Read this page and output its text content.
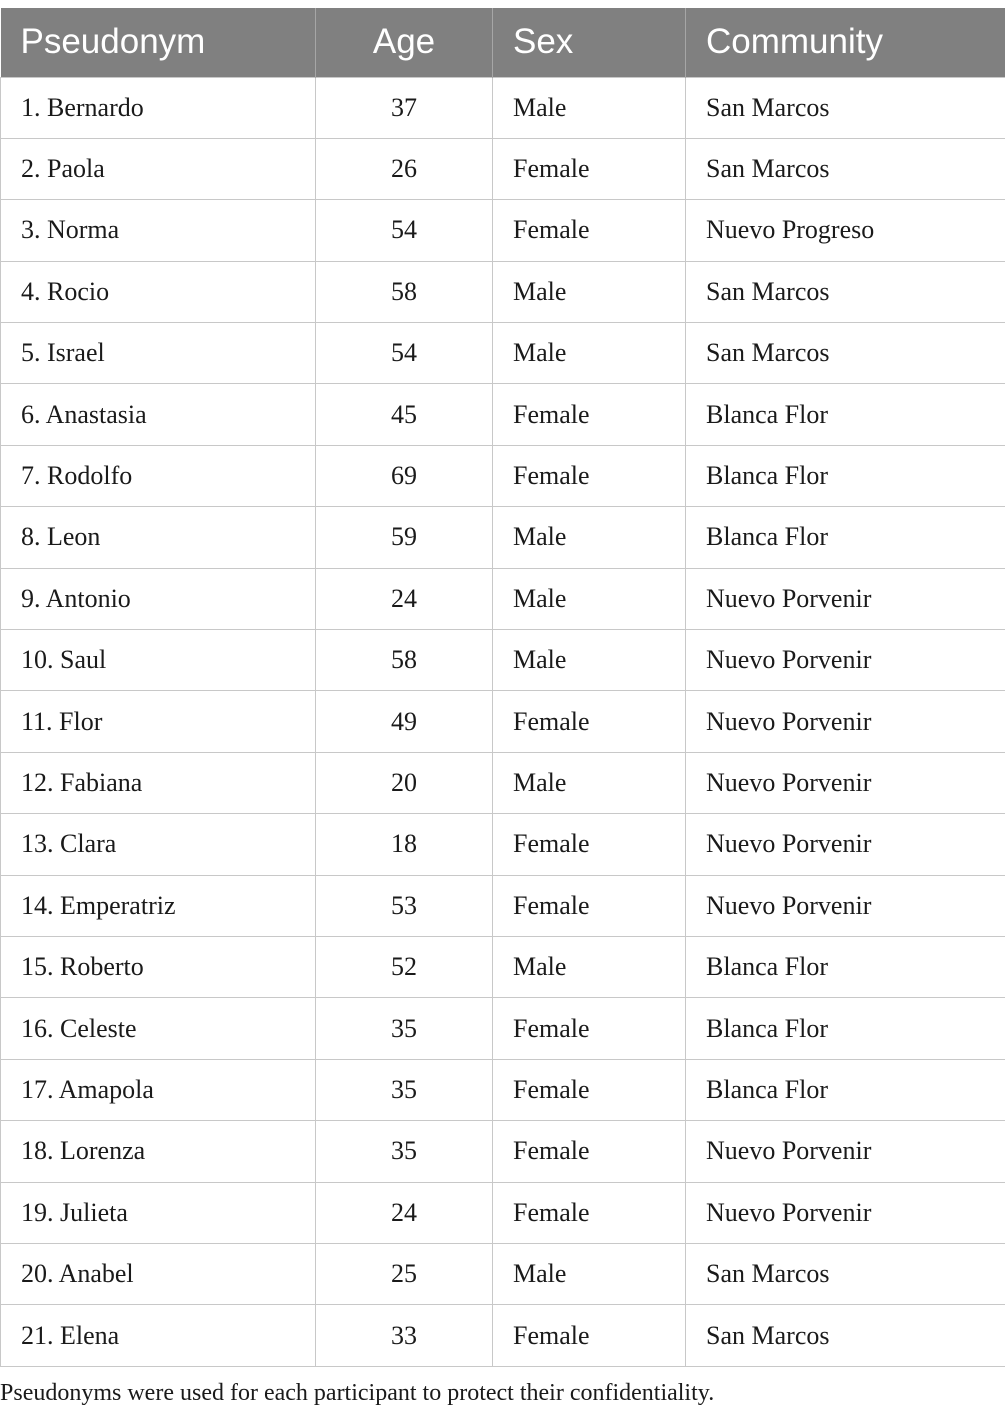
Pseudonym	Age	Sex	Community
1. Bernardo	37	Male	San Marcos
2. Paola	26	Female	San Marcos
3. Norma	54	Female	Nuevo Progreso
4. Rocio	58	Male	San Marcos
5. Israel	54	Male	San Marcos
6. Anastasia	45	Female	Blanca Flor
7. Rodolfo	69	Female	Blanca Flor
8. Leon	59	Male	Blanca Flor
9. Antonio	24	Male	Nuevo Porvenir
10. Saul	58	Male	Nuevo Porvenir
11. Flor	49	Female	Nuevo Porvenir
12. Fabiana	20	Male	Nuevo Porvenir
13. Clara	18	Female	Nuevo Porvenir
14. Emperatriz	53	Female	Nuevo Porvenir
15. Roberto	52	Male	Blanca Flor
16. Celeste	35	Female	Blanca Flor
17. Amapola	35	Female	Blanca Flor
18. Lorenza	35	Female	Nuevo Porvenir
19. Julieta	24	Female	Nuevo Porvenir
20. Anabel	25	Male	San Marcos
21. Elena	33	Female	San Marcos
Pseudonyms were used for each participant to protect their confidentiality.
